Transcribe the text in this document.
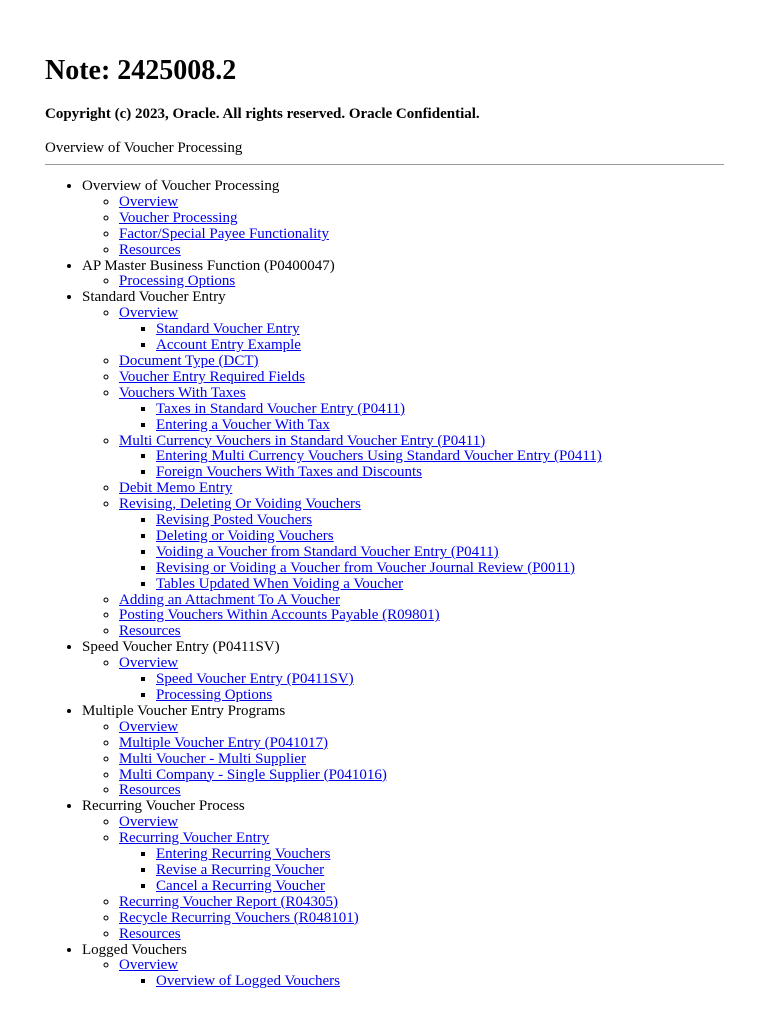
Note: 2425008.2

Copyright (c) 2023, Oracle. All rights reserved. Oracle Confidential.

Overview of Voucher Processing

• Overview of Voucher Processing
◦ Overview
◦ Voucher Processing
◦ Factor/Special Payee Functionality
◦ Resources
• AP Master Business Function (P0400047)
◦ Processing Options
• Standard Voucher Entry
◦ Overview
▪ Standard Voucher Entry
▪ Account Entry Example
◦ Document Type (DCT)
◦ Voucher Entry Required Fields
◦ Vouchers With Taxes
▪ Taxes in Standard Voucher Entry (P0411)
▪ Entering a Voucher With Tax
◦ Multi Currency Vouchers in Standard Voucher Entry (P0411)
▪ Entering Multi Currency Vouchers Using Standard Voucher Entry (P0411)
▪ Foreign Vouchers With Taxes and Discounts
◦ Debit Memo Entry
◦ Revising, Deleting Or Voiding Vouchers
▪ Revising Posted Vouchers
▪ Deleting or Voiding Vouchers
▪ Voiding a Voucher from Standard Voucher Entry (P0411)
▪ Revising or Voiding a Voucher from Voucher Journal Review (P0011)
▪ Tables Updated When Voiding a Voucher
◦ Adding an Attachment To A Voucher
◦ Posting Vouchers Within Accounts Payable (R09801)
◦ Resources
• Speed Voucher Entry (P0411SV)
◦ Overview
▪ Speed Voucher Entry (P0411SV)
▪ Processing Options
• Multiple Voucher Entry Programs
◦ Overview
◦ Multiple Voucher Entry (P041017)
◦ Multi Voucher - Multi Supplier
◦ Multi Company - Single Supplier (P041016)
◦ Resources
• Recurring Voucher Process
◦ Overview
◦ Recurring Voucher Entry
▪ Entering Recurring Vouchers
▪ Revise a Recurring Voucher
▪ Cancel a Recurring Voucher
◦ Recurring Voucher Report (R04305)
◦ Recycle Recurring Vouchers (R048101)
◦ Resources
• Logged Vouchers
◦ Overview
▪ Overview of Logged Vouchers
